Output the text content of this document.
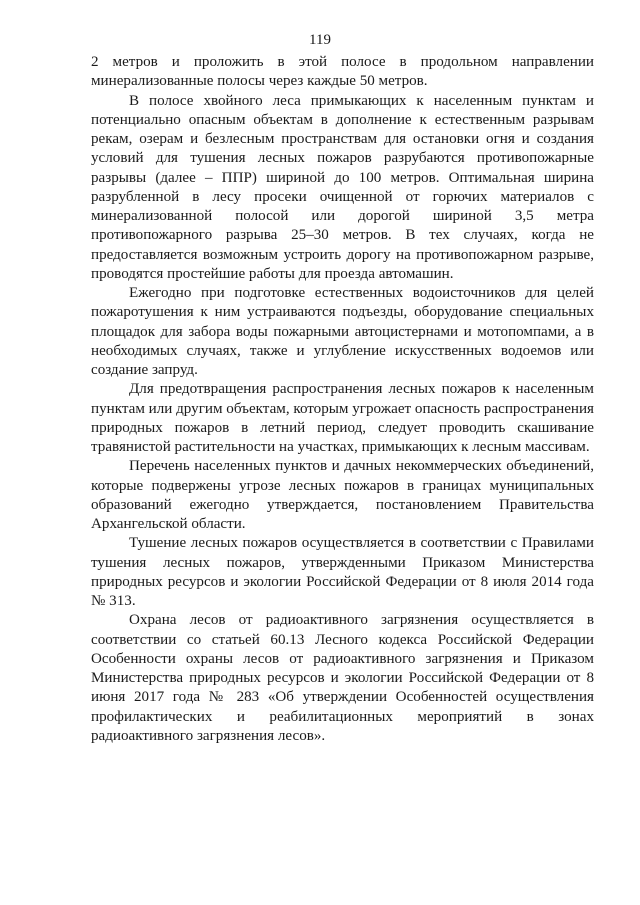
119

2 метров и проложить в этой полосе в продольном направлении минерализованные полосы через каждые 50 метров.

В полосе хвойного леса примыкающих к населенным пунктам и потенциально опасным объектам в дополнение к естественным разрывам рекам, озерам и безлесным пространствам для остановки огня и создания условий для тушения лесных пожаров разрубаются противопожарные разрывы (далее – ППР) шириной до 100 метров. Оптимальная ширина разрубленной в лесу просеки очищенной от горючих материалов с минерализованной полосой или дорогой шириной 3,5 метра противопожарного разрыва 25–30 метров. В тех случаях, когда не предоставляется возможным устроить дорогу на противопожарном разрыве, проводятся простейшие работы для проезда автомашин.

Ежегодно при подготовке естественных водоисточников для целей пожаротушения к ним устраиваются подъезды, оборудование специальных площадок для забора воды пожарными автоцистернами и мотопомпами, а в необходимых случаях, также и углубление искусственных водоемов или создание запруд.

Для предотвращения распространения лесных пожаров к населенным пунктам или другим объектам, которым угрожает опасность распространения природных пожаров в летний период, следует проводить скашивание травянистой растительности на участках, примыкающих к лесным массивам.

Перечень населенных пунктов и дачных некоммерческих объединений, которые подвержены угрозе лесных пожаров в границах муниципальных образований ежегодно утверждается, постановлением Правительства Архангельской области.

Тушение лесных пожаров осуществляется в соответствии с Правилами тушения лесных пожаров, утвержденными Приказом Министерства природных ресурсов и экологии Российской Федерации от 8 июля 2014 года № 313.

Охрана лесов от радиоактивного загрязнения осуществляется в соответствии со статьей 60.13 Лесного кодекса Российской Федерации Особенности охраны лесов от радиоактивного загрязнения и Приказом Министерства природных ресурсов и экологии Российской Федерации от 8 июня 2017 года № 283 «Об утверждении Особенностей осуществления профилактических и реабилитационных мероприятий в зонах радиоактивного загрязнения лесов».
